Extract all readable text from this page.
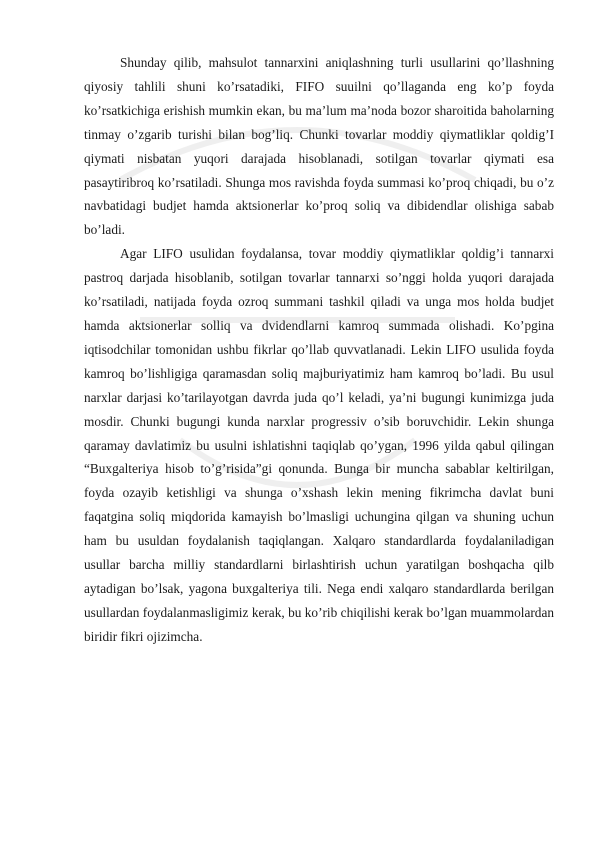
Shunday qilib, mahsulot tannarxini aniqlashning turli usullarini qo’llashning qiyosiy tahlili shuni ko’rsatadiki, FIFO suuilni qo’llaganda eng ko’p foyda ko’rsatkichiga erishish mumkin ekan, bu ma’lum ma’noda bozor sharoitida baholarning tinmay o’zgarib turishi bilan bog’liq. Chunki tovarlar moddiy qiymatliklar qoldig’I qiymati nisbatan yuqori darajada hisoblanadi, sotilgan tovarlar qiymati esa pasaytiribroq ko’rsatiladi. Shunga mos ravishda foyda summasi ko’proq chiqadi, bu o’z navbatidagi budjet hamda aktsionerlar ko’proq soliq va dibidendlar olishiga sabab bo’ladi.

Agar LIFO usulidan foydalansa, tovar moddiy qiymatliklar qoldig’i tannarxi pastroq darjada hisoblanib, sotilgan tovarlar tannarxi so’nggi holda yuqori darajada ko’rsatiladi, natijada foyda ozroq summani tashkil qiladi va unga mos holda budjet hamda aktsionerlar solliq va dvidendlarni kamroq summada olishadi. Ko’pgina iqtisodchilar tomonidan ushbu fikrlar qo’llab quvvatlanadi. Lekin LIFO usulida foyda kamroq bo’lishligiga qaramasdan soliq majburiyatimiz ham kamroq bo’ladi. Bu usul narxlar darjasi ko’tarilayotgan davrda juda qo’l keladi, ya’ni bugungi kunimizga juda mosdir. Chunki bugungi kunda narxlar progressiv o’sib boruvchidir. Lekin shunga qaramay davlatimiz bu usulni ishlatishni taqiqlab qo’ygan, 1996 yilda qabul qilingan “Buxgalteriya hisob to’g’risida”gi qonunda. Bunga bir muncha sabablar keltirilgan, foyda ozayib ketishligi va shunga o’xshash lekin mening fikrimcha davlat buni faqatgina soliq miqdorida kamayish bo’lmasligi uchungina qilgan va shuning uchun ham bu usuldan foydalanish taqiqlangan. Xalqaro standardlarda foydalaniladigan usullar barcha milliy standardlarni birlashtirish uchun yaratilgan boshqacha qilb aytadigan bo’lsak, yagona buxgalteriya tili. Nega endi xalqaro standardlarda berilgan usullardan foydalanmasligimiz kerak, bu ko’rib chiqilishi kerak bo’lgan muammolardan biridir fikri ojizimcha.
